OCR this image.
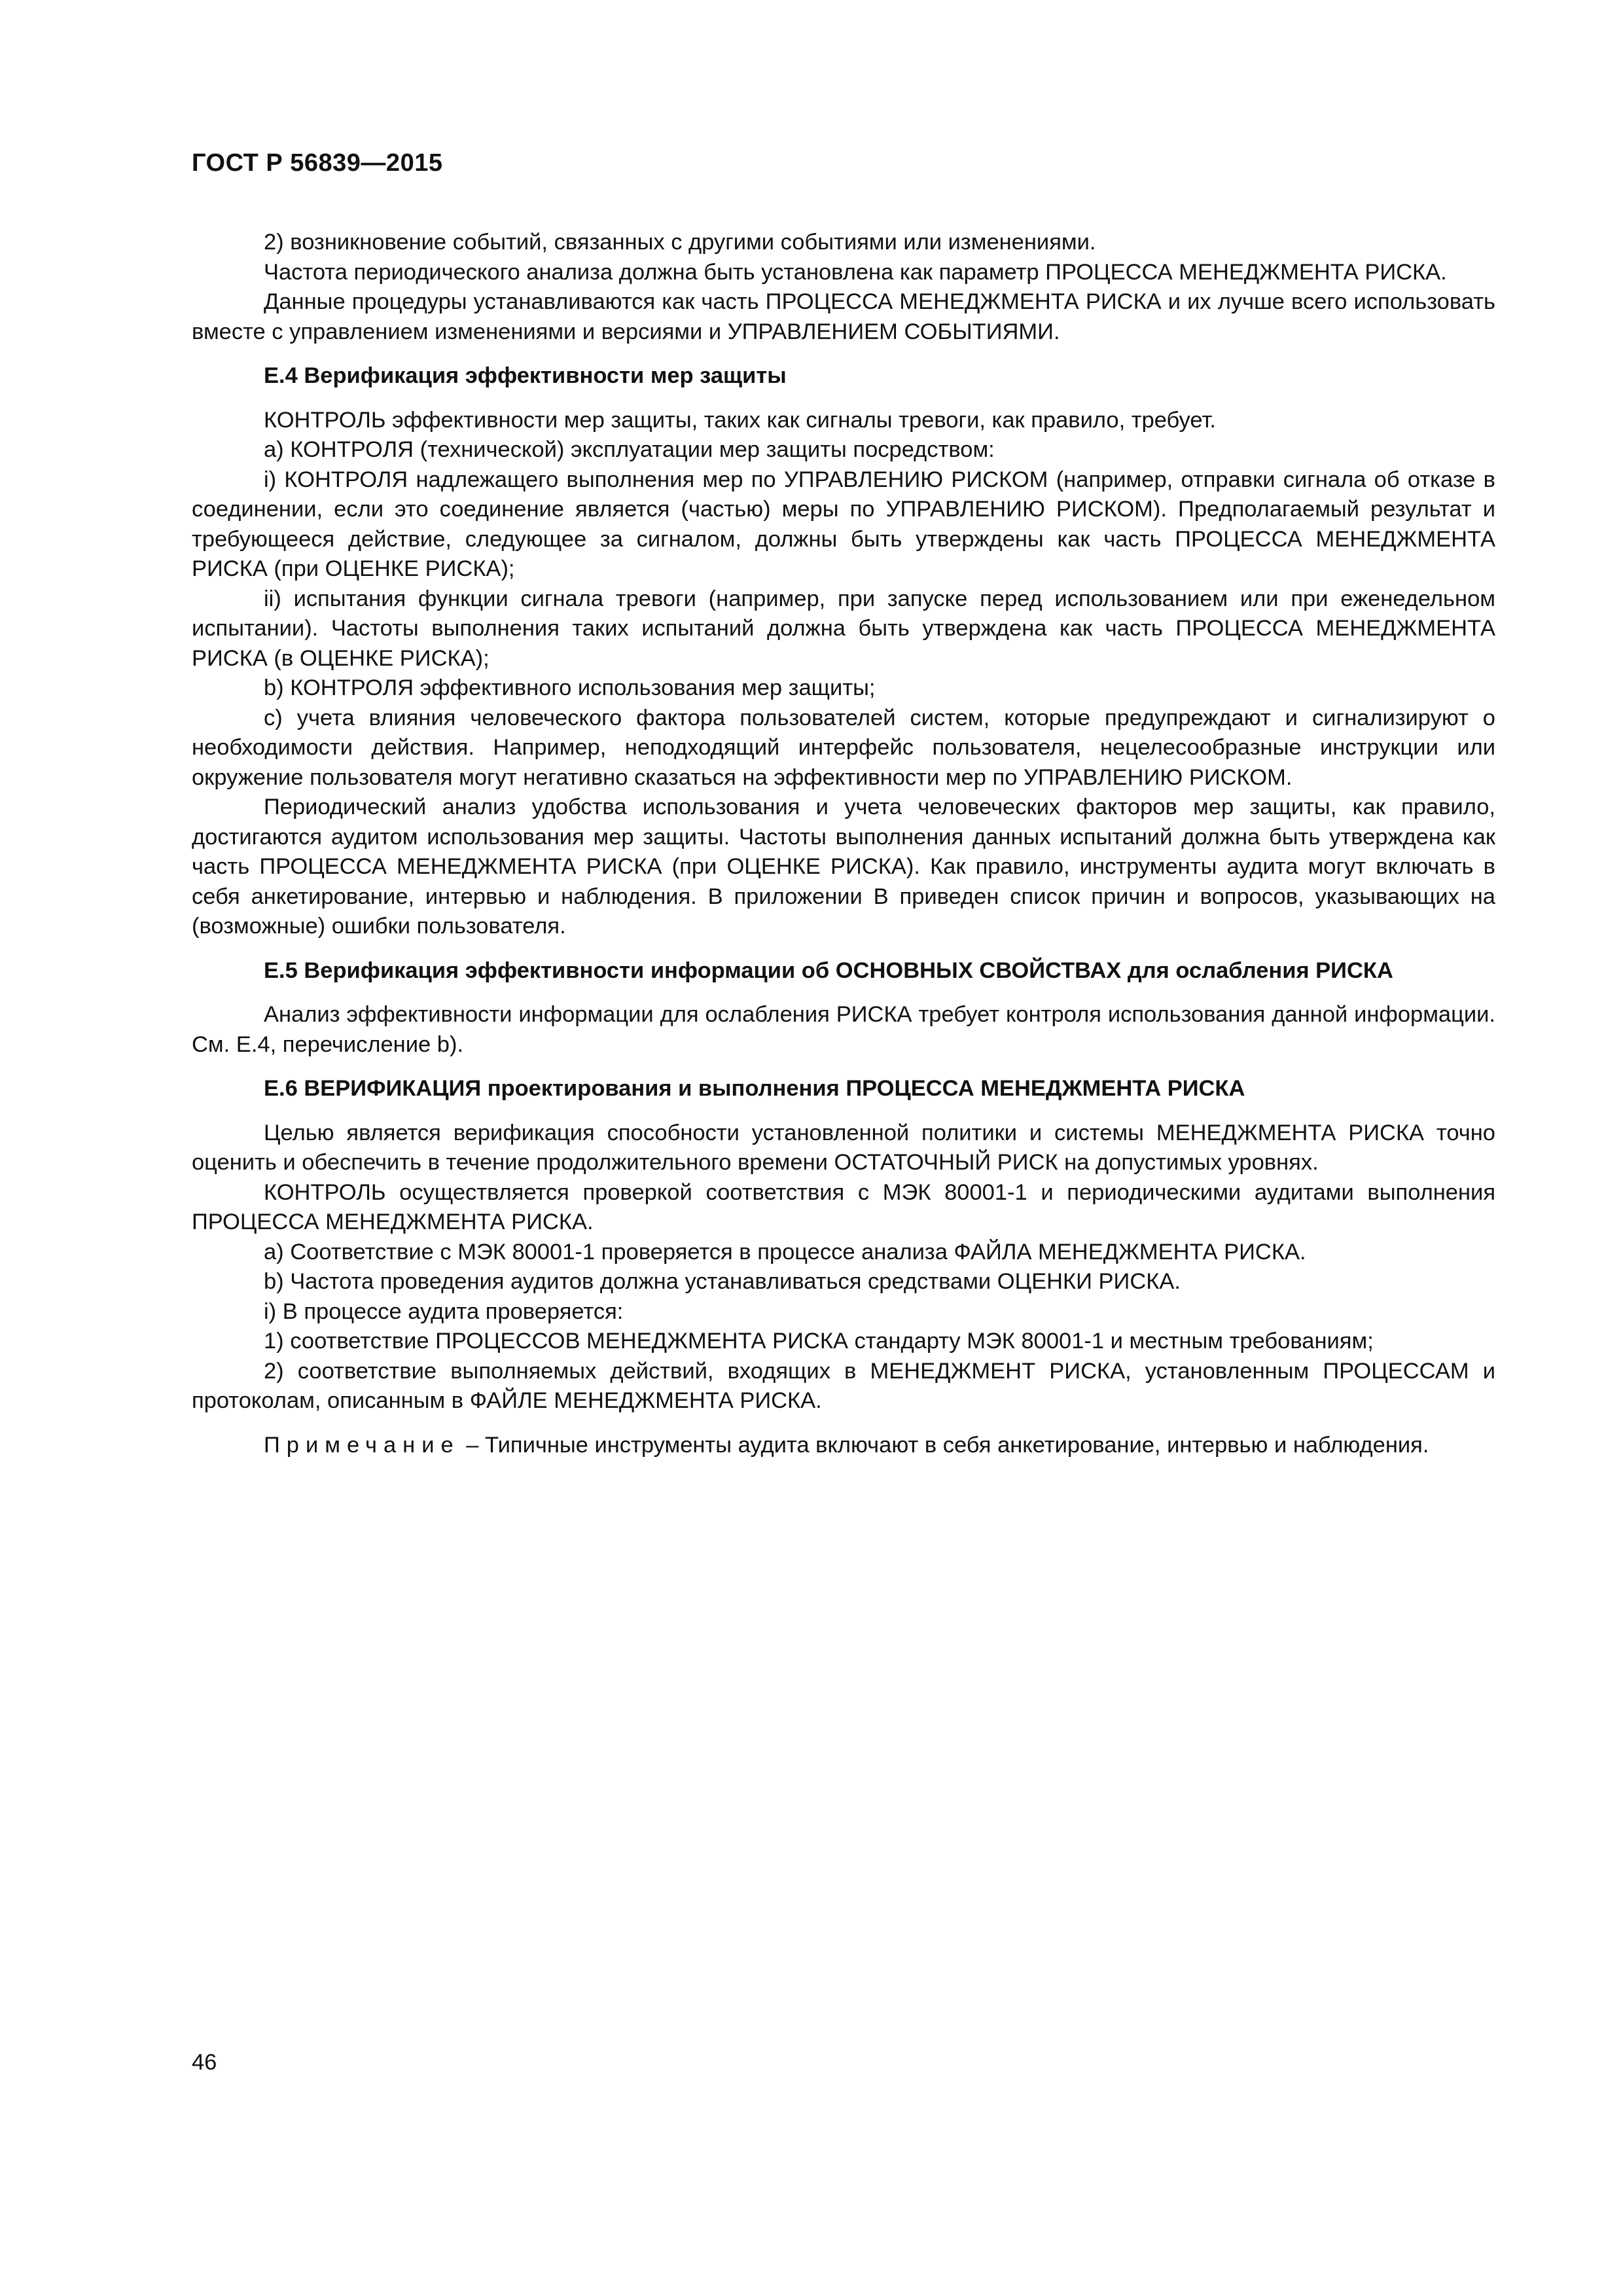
ГОСТ Р 56839—2015

2) возникновение событий, связанных с другими событиями или изменениями.

Частота периодического анализа должна быть установлена как параметр ПРОЦЕССА МЕНЕДЖМЕНТА РИСКА.

Данные процедуры устанавливаются как часть ПРОЦЕССА МЕНЕДЖМЕНТА РИСКА и их лучше всего использовать вместе с управлением изменениями и версиями и УПРАВЛЕНИЕМ СОБЫТИЯМИ.

Е.4 Верификация эффективности мер защиты

КОНТРОЛЬ эффективности мер защиты, таких как сигналы тревоги, как правило, требует.

а) КОНТРОЛЯ (технической) эксплуатации мер защиты посредством:

i) КОНТРОЛЯ надлежащего выполнения мер по УПРАВЛЕНИЮ РИСКОМ (например, отправки сигнала об отказе в соединении, если это соединение является (частью) меры по УПРАВЛЕНИЮ РИСКОМ). Предполагаемый результат и требующееся действие, следующее за сигналом, должны быть утверждены как часть ПРОЦЕССА МЕНЕДЖМЕНТА РИСКА (при ОЦЕНКЕ РИСКА);

ii) испытания функции сигнала тревоги (например, при запуске перед использованием или при еженедельном испытании). Частоты выполнения таких испытаний должна быть утверждена как часть ПРОЦЕССА МЕНЕДЖМЕНТА РИСКА (в ОЦЕНКЕ РИСКА);

b) КОНТРОЛЯ эффективного использования мер защиты;

с) учета влияния человеческого фактора пользователей систем, которые предупреждают и сигнализируют о необходимости действия. Например, неподходящий интерфейс пользователя, нецелесообразные инструкции или окружение пользователя могут негативно сказаться на эффективности мер по УПРАВЛЕНИЮ РИСКОМ.

Периодический анализ удобства использования и учета человеческих факторов мер защиты, как правило, достигаются аудитом использования мер защиты. Частоты выполнения данных испытаний должна быть утверждена как часть ПРОЦЕССА МЕНЕДЖМЕНТА РИСКА (при ОЦЕНКЕ РИСКА). Как правило, инструменты аудита могут включать в себя анкетирование, интервью и наблюдения. В приложении В приведен список причин и вопросов, указывающих на (возможные) ошибки пользователя.

Е.5 Верификация эффективности информации об ОСНОВНЫХ СВОЙСТВАХ для ослабления РИСКА

Анализ эффективности информации для ослабления РИСКА требует контроля использования данной информации. См. Е.4, перечисление b).

Е.6 ВЕРИФИКАЦИЯ проектирования и выполнения ПРОЦЕССА МЕНЕДЖМЕНТА РИСКА

Целью является верификация способности установленной политики и системы МЕНЕДЖМЕНТА РИСКА точно оценить и обеспечить в течение продолжительного времени ОСТАТОЧНЫЙ РИСК на допустимых уровнях.

КОНТРОЛЬ осуществляется проверкой соответствия с МЭК 80001-1 и периодическими аудитами выполнения ПРОЦЕССА МЕНЕДЖМЕНТА РИСКА.

а) Соответствие с МЭК 80001-1 проверяется в процессе анализа ФАЙЛА МЕНЕДЖМЕНТА РИСКА.

b) Частота проведения аудитов должна устанавливаться средствами ОЦЕНКИ РИСКА.

i) В процессе аудита проверяется:

1) соответствие ПРОЦЕССОВ МЕНЕДЖМЕНТА РИСКА стандарту МЭК 80001-1 и местным требованиям;

2) соответствие выполняемых действий, входящих в МЕНЕДЖМЕНТ РИСКА, установленным ПРОЦЕССАМ и протоколам, описанным в ФАЙЛЕ МЕНЕДЖМЕНТА РИСКА.

Примечание – Типичные инструменты аудита включают в себя анкетирование, интервью и наблюдения.

46
